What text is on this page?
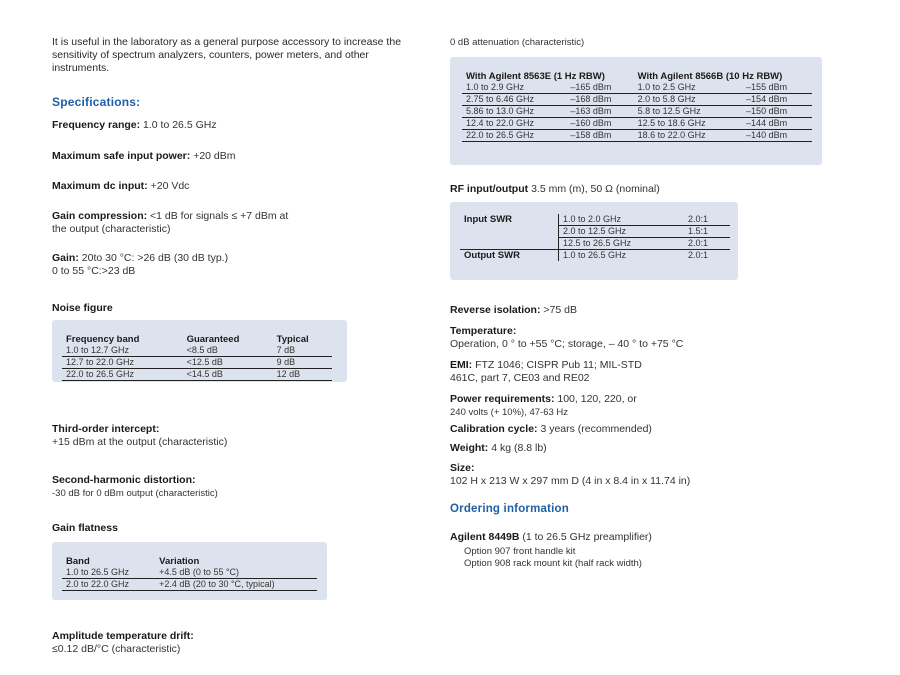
It is useful in the laboratory as a general purpose accessory to increase the sensitivity of spectrum analyzers, counters, power meters, and other instruments.
Specifications:
Frequency range: 1.0 to 26.5 GHz
Maximum safe input power: +20 dBm
Maximum dc input: +20 Vdc
Gain compression: <1 dB for signals ≤ +7 dBm at
the output (characteristic)
Gain: 20to 30 °C: >26 dB (30 dB typ.)
0 to 55 °C:>23 dB
Noise figure
Frequency band	Guaranteed	Typical
1.0 to 12.7 GHz	<8.5 dB	7 dB
12.7 to 22.0 GHz	<12.5 dB	9 dB
22.0 to 26.5 GHz	<14.5 dB	12 dB
Third-order intercept:
+15 dBm at the output (characteristic)
Second-harmonic distortion:
-30 dB for 0 dBm output (characteristic)
Gain flatness
Band	Variation
1.0 to 26.5 GHz	+4.5 dB (0 to 55 °C)
2.0 to 22.0 GHz	+2.4 dB (20 to 30 °C, typical)
Amplitude temperature drift:
≤0.12 dB/°C (characteristic)
0 dB attenuation (characteristic)
With Agilent 8563E (1 Hz RBW)		With Agilent 8566B (10 Hz RBW)	
1.0 to 2.9 GHz	–165 dBm	1.0 to 2.5 GHz	–155 dBm
2.75 to 6.46 GHz	–168 dBm	2.0 to 5.8 GHz	–154 dBm
5.86 to 13.0 GHz	–163 dBm	5.8 to 12.5 GHz	–150 dBm
12.4 to 22.0 GHz	–160 dBm	12.5 to 18.6 GHz	–144 dBm
22.0 to 26.5 GHz	–158 dBm	18.6 to 22.0 GHz	–140 dBm
RF input/output 3.5 mm (m), 50 Ω (nominal)
Input SWR	1.0 to 2.0 GHz	2.0:1
	2.0 to 12.5 GHz	1.5:1
	12.5 to 26.5 GHz	2.0:1
Output SWR	1.0 to 26.5 GHz	2.0:1
Reverse isolation: >75 dB
Temperature:
Operation, 0 ° to +55 °C; storage, – 40 ° to +75 °C
EMI: FTZ 1046; CISPR Pub 11; MIL-STD
461C, part 7, CE03 and RE02
Power requirements: 100, 120, 220, or
240 volts (+ 10%), 47-63 Hz
Calibration cycle: 3 years (recommended)
Weight: 4 kg (8.8 lb)
Size:
102 H x 213 W x 297 mm D (4 in x 8.4 in x 11.74 in)
Ordering information
Agilent 8449B (1 to 26.5 GHz preamplifier)
Option 907 front handle kit
Option 908 rack mount kit (half rack width)
